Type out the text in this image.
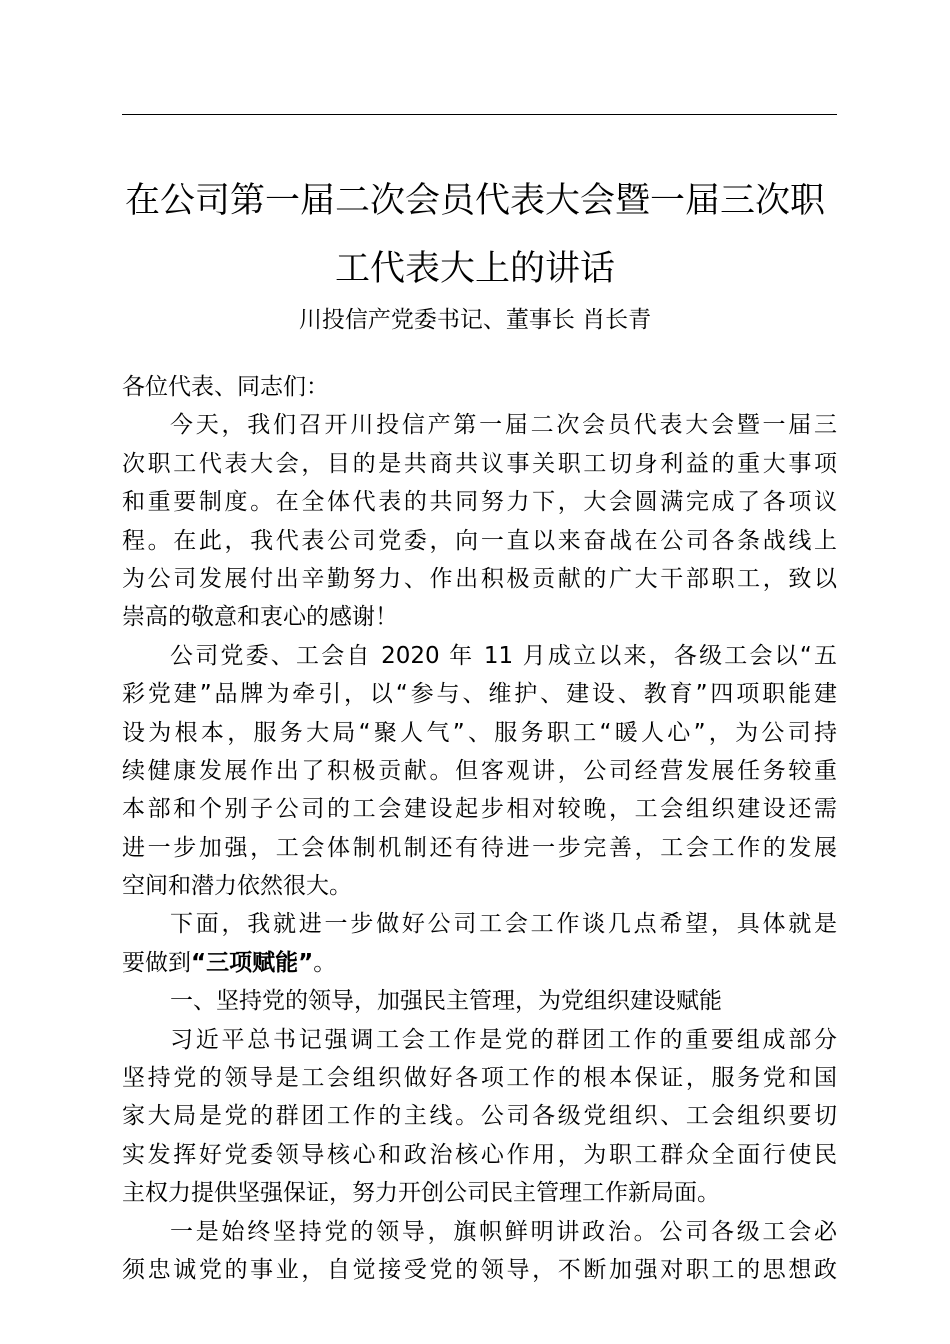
在公司第一届二次会员代表大会暨一届三次职
工代表大上的讲话
川投信产党委书记、董事长 肖长青
各位代表、同志们：
今天，我们召开川投信产第一届二次会员代表大会暨一届三
次职工代表大会，目的是共商共议事关职工切身利益的重大事项
和重要制度。在全体代表的共同努力下，大会圆满完成了各项议
程。在此，我代表公司党委，向一直以来奋战在公司各条战线上
为公司发展付出辛勤努力、作出积极贡献的广大干部职工，致以
崇高的敬意和衷心的感谢！
公司党委、工会自 2020 年 11 月成立以来，各级工会以“五
彩党建”品牌为牵引，以“参与、维护、建设、教育”四项职能建
设为根本，服务大局“聚人气”、服务职工“暖人心”，为公司持
续健康发展作出了积极贡献。但客观讲，公司经营发展任务较重
本部和个别子公司的工会建设起步相对较晚，工会组织建设还需
进一步加强，工会体制机制还有待进一步完善，工会工作的发展
空间和潜力依然很大。
下面，我就进一步做好公司工会工作谈几点希望，具体就是
要做到“三项赋能”。
一、坚持党的领导，加强民主管理，为党组织建设赋能
习近平总书记强调工会工作是党的群团工作的重要组成部分
坚持党的领导是工会组织做好各项工作的根本保证，服务党和国
家大局是党的群团工作的主线。公司各级党组织、工会组织要切
实发挥好党委领导核心和政治核心作用，为职工群众全面行使民
主权力提供坚强保证，努力开创公司民主管理工作新局面。
一是始终坚持党的领导，旗帜鲜明讲政治。公司各级工会必
须忠诚党的事业，自觉接受党的领导，不断加强对职工的思想政
